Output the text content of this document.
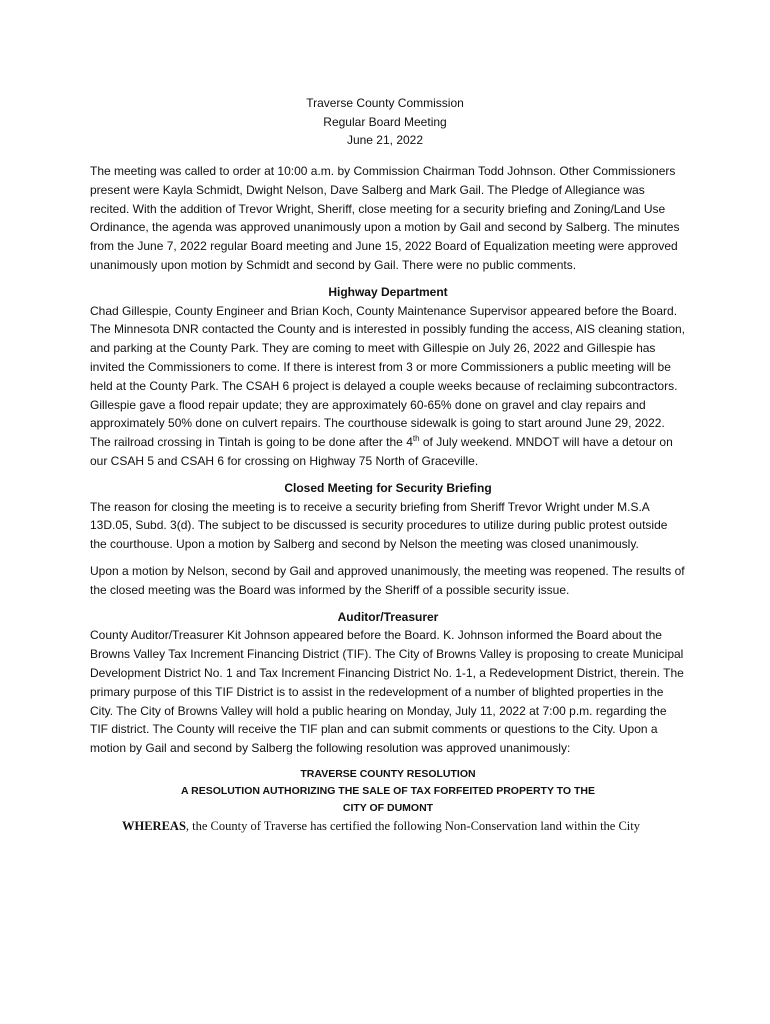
Traverse County Commission
Regular Board Meeting
June 21, 2022

The meeting was called to order at 10:00 a.m. by Commission Chairman Todd Johnson. Other Commissioners present were Kayla Schmidt, Dwight Nelson, Dave Salberg and Mark Gail. The Pledge of Allegiance was recited. With the addition of Trevor Wright, Sheriff, close meeting for a security briefing and Zoning/Land Use Ordinance, the agenda was approved unanimously upon a motion by Gail and second by Salberg. The minutes from the June 7, 2022 regular Board meeting and June 15, 2022 Board of Equalization meeting were approved unanimously upon motion by Schmidt and second by Gail. There were no public comments.

Highway Department

Chad Gillespie, County Engineer and Brian Koch, County Maintenance Supervisor appeared before the Board. The Minnesota DNR contacted the County and is interested in possibly funding the access, AIS cleaning station, and parking at the County Park. They are coming to meet with Gillespie on July 26, 2022 and Gillespie has invited the Commissioners to come. If there is interest from 3 or more Commissioners a public meeting will be held at the County Park. The CSAH 6 project is delayed a couple weeks because of reclaiming subcontractors. Gillespie gave a flood repair update; they are approximately 60-65% done on gravel and clay repairs and approximately 50% done on culvert repairs. The courthouse sidewalk is going to start around June 29, 2022. The railroad crossing in Tintah is going to be done after the 4th of July weekend. MNDOT will have a detour on our CSAH 5 and CSAH 6 for crossing on Highway 75 North of Graceville.

Closed Meeting for Security Briefing

The reason for closing the meeting is to receive a security briefing from Sheriff Trevor Wright under M.S.A 13D.05, Subd. 3(d). The subject to be discussed is security procedures to utilize during public protest outside the courthouse. Upon a motion by Salberg and second by Nelson the meeting was closed unanimously.

Upon a motion by Nelson, second by Gail and approved unanimously, the meeting was reopened. The results of the closed meeting was the Board was informed by the Sheriff of a possible security issue.

Auditor/Treasurer

County Auditor/Treasurer Kit Johnson appeared before the Board. K. Johnson informed the Board about the Browns Valley Tax Increment Financing District (TIF). The City of Browns Valley is proposing to create Municipal Development District No. 1 and Tax Increment Financing District No. 1-1, a Redevelopment District, therein. The primary purpose of this TIF District is to assist in the redevelopment of a number of blighted properties in the City. The City of Browns Valley will hold a public hearing on Monday, July 11, 2022 at 7:00 p.m. regarding the TIF district. The County will receive the TIF plan and can submit comments or questions to the City. Upon a motion by Gail and second by Salberg the following resolution was approved unanimously:

TRAVERSE COUNTY RESOLUTION

A RESOLUTION AUTHORIZING THE SALE OF TAX FORFEITED PROPERTY TO THE

CITY OF DUMONT

WHEREAS, the County of Traverse has certified the following Non-Conservation land within the City
